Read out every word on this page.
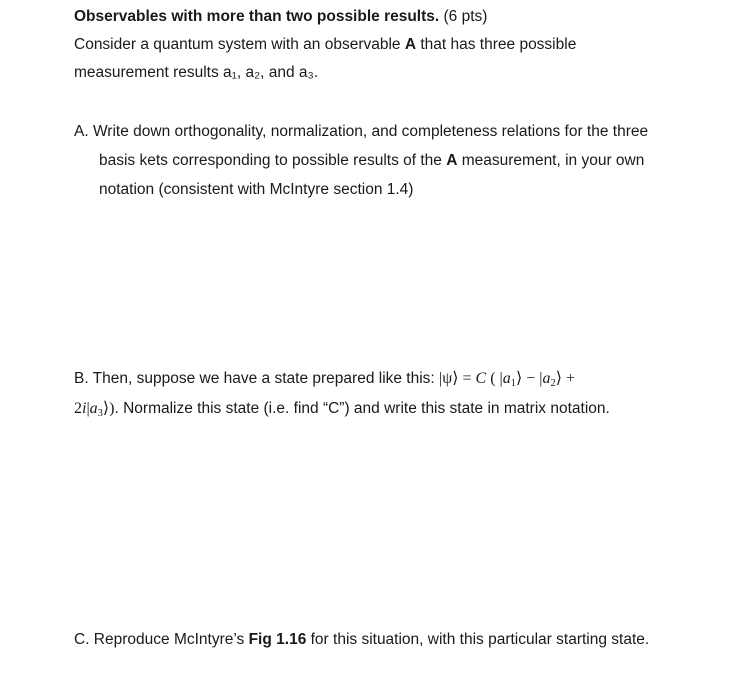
Observables with more than two possible results. (6 pts)
Consider a quantum system with an observable A that has three possible
measurement results a₁, a₂, and a₃.
A. Write down orthogonality, normalization, and completeness relations for the three
basis kets corresponding to possible results of the A measurement, in your own
notation (consistent with McIntyre section 1.4)
B. Then, suppose we have a state prepared like this: |ψ⟩ = C ( $|a_1⟩$ − $|a_2⟩$ +
$2i|a_3⟩$). Normalize this state (i.e. find “C”) and write this state in matrix notation.
C. Reproduce McIntyre’s Fig 1.16 for this situation, with this particular starting state.
